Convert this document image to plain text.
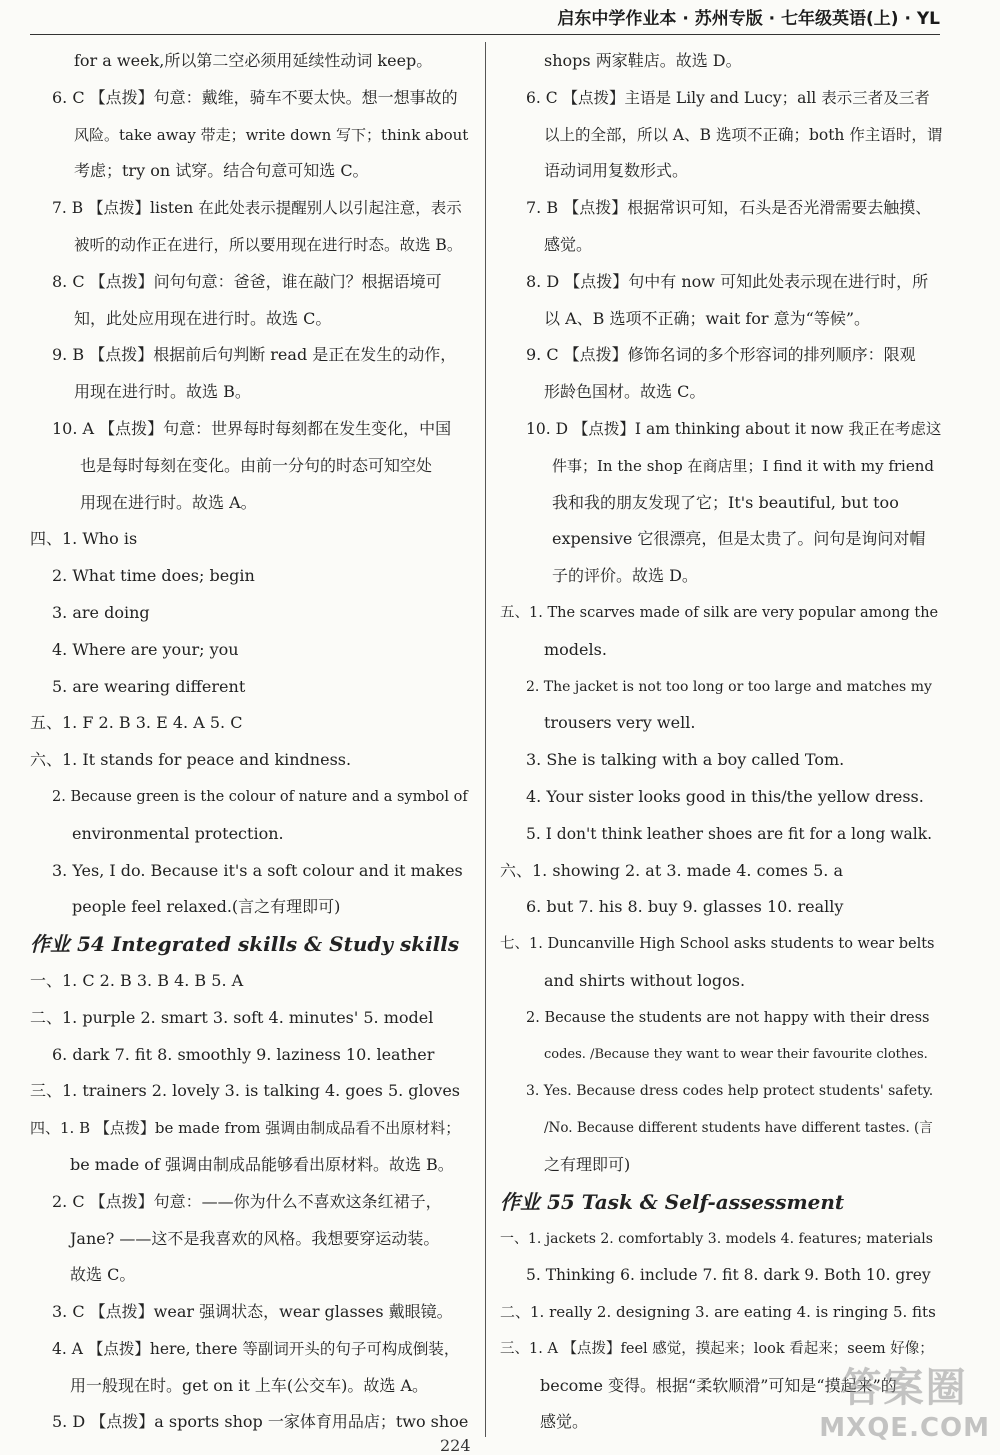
启东中学作业本 · 苏州专版 · 七年级英语(上) · YL
for a week,所以第二空必须用延续性动词 keep。
6. C 【点拨】句意：戴维，骑车不要太快。想一想事故的
风险。take away 带走；write down 写下；think about
考虑；try on 试穿。结合句意可知选 C。
7. B 【点拨】listen 在此处表示提醒别人以引起注意，表示
被听的动作正在进行，所以要用现在进行时态。故选 B。
8. C 【点拨】问句句意：爸爸，谁在敲门？根据语境可
知，此处应用现在进行时。故选 C。
9. B 【点拨】根据前后句判断 read 是正在发生的动作，
用现在进行时。故选 B。
10. A 【点拨】句意：世界每时每刻都在发生变化，中国
也是每时每刻在变化。由前一分句的时态可知空处
用现在进行时。故选 A。
四、1. Who is
2. What time does; begin
3. are doing
4. Where are your; you
5. are wearing different
五、1. F 2. B 3. E 4. A 5. C
六、1. It stands for peace and kindness.
2. Because green is the colour of nature and a symbol of
environmental protection.
3. Yes, I do. Because it's a soft colour and it makes
people feel relaxed.(言之有理即可)
作业 54 Integrated skills & Study skills
一、1. C 2. B 3. B 4. B 5. A
二、1. purple 2. smart 3. soft 4. minutes' 5. model
6. dark 7. fit 8. smoothly 9. laziness 10. leather
三、1. trainers 2. lovely 3. is talking 4. goes 5. gloves
四、1. B 【点拨】be made from 强调由制成品看不出原材料；
be made of 强调由制成品能够看出原材料。故选 B。
2. C 【点拨】句意：——你为什么不喜欢这条红裙子，
Jane? ——这不是我喜欢的风格。我想要穿运动装。
故选 C。
3. C 【点拨】wear 强调状态，wear glasses 戴眼镜。
4. A 【点拨】here, there 等副词开头的句子可构成倒装，
用一般现在时。get on it 上车(公交车)。故选 A。
5. D 【点拨】a sports shop 一家体育用品店；two shoe
shops 两家鞋店。故选 D。
6. C 【点拨】主语是 Lily and Lucy；all 表示三者及三者
以上的全部，所以 A、B 选项不正确；both 作主语时，谓
语动词用复数形式。
7. B 【点拨】根据常识可知，石头是否光滑需要去触摸、
感觉。
8. D 【点拨】句中有 now 可知此处表示现在进行时，所
以 A、B 选项不正确；wait for 意为“等候”。
9. C 【点拨】修饰名词的多个形容词的排列顺序：限观
形龄色国材。故选 C。
10. D 【点拨】I am thinking about it now 我正在考虑这
件事；In the shop 在商店里；I find it with my friend
我和我的朋友发现了它；It's beautiful, but too
expensive 它很漂亮，但是太贵了。问句是询问对帽
子的评价。故选 D。
五、1. The scarves made of silk are very popular among the
models.
2. The jacket is not too long or too large and matches my
trousers very well.
3. She is talking with a boy called Tom.
4. Your sister looks good in this/the yellow dress.
5. I don't think leather shoes are fit for a long walk.
六、1. showing 2. at 3. made 4. comes 5. a
6. but 7. his 8. buy 9. glasses 10. really
七、1. Duncanville High School asks students to wear belts
and shirts without logos.
2. Because the students are not happy with their dress
codes. /Because they want to wear their favourite clothes.
3. Yes. Because dress codes help protect students' safety.
/No. Because different students have different tastes. (言
之有理即可)
作业 55 Task & Self-assessment
一、1. jackets 2. comfortably 3. models 4. features; materials
5. Thinking 6. include 7. fit 8. dark 9. Both 10. grey
二、1. really 2. designing 3. are eating 4. is ringing 5. fits
三、1. A 【点拨】feel 感觉，摸起来；look 看起来；seem 好像；
become 变得。根据“柔软顺滑”可知是“摸起来”的
感觉。
224
答案圈
MXQE.COM
